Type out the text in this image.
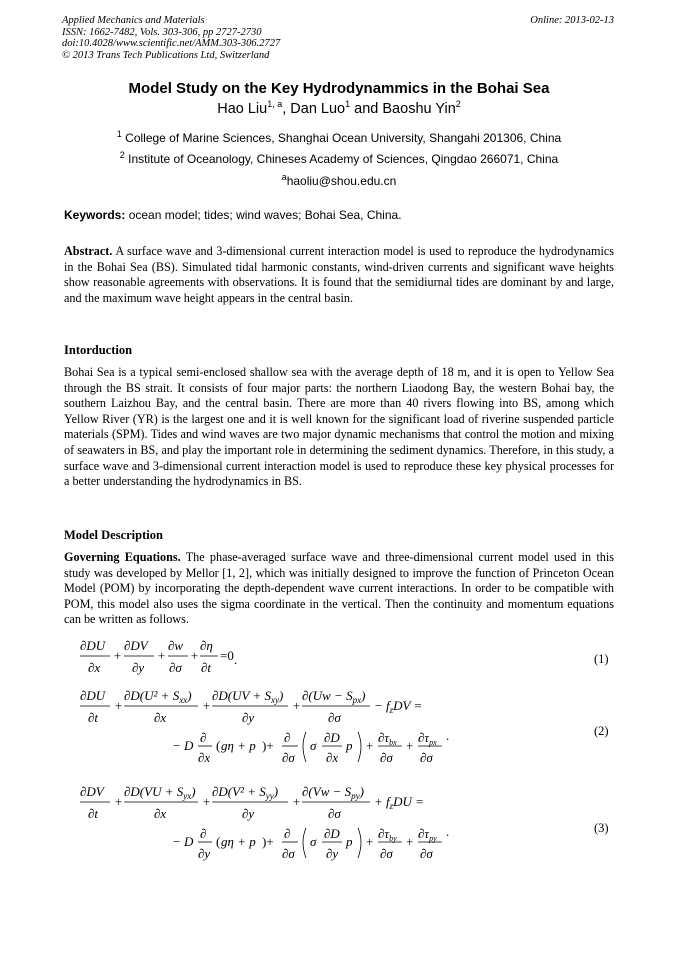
Applied Mechanics and Materials
ISSN: 1662-7482, Vols. 303-306, pp 2727-2730
doi:10.4028/www.scientific.net/AMM.303-306.2727
© 2013 Trans Tech Publications Ltd, Switzerland
Online: 2013-02-13
Model Study on the Key Hydrodynammics in the Bohai Sea
Hao Liu$^{1, a}$, Dan Luo$^1$ and Baoshu Yin$^2$
$^1$ College of Marine Sciences, Shanghai Ocean University, Shangahi 201306, China
$^2$ Institute of Oceanology, Chineses Academy of Sciences, Qingdao 266071, China
$^a$haoliu@shou.edu.cn
Keywords: ocean model; tides; wind waves; Bohai Sea, China.
Abstract. A surface wave and 3-dimensional current interaction model is used to reproduce the hydrodynamics in the Bohai Sea (BS). Simulated tidal harmonic constants, wind-driven currents and significant wave heights show reasonable agreements with observations. It is found that the semidiurnal tides are dominant by and large, and the maximum wave height appears in the central basin.
Intorduction
Bohai Sea is a typical semi-enclosed shallow sea with the average depth of 18 m, and it is open to Yellow Sea through the BS strait. It consists of four major parts: the northern Liaodong Bay, the western Bohai bay, the southern Laizhou Bay, and the central basin. There are more than 40 rivers flowing into BS, among which Yellow River (YR) is the largest one and it is well known for the significant load of riverine suspended particle materials (SPM). Tides and wind waves are two major dynamic mechanisms that control the motion and mixing of seawaters in BS, and play the important role in determining the sediment dynamics. Therefore, in this study, a surface wave and 3-dimensional current interaction model is used to reproduce these key physical processes for a better understanding the hydrodynamics in BS.
Model Description
Governing Equations. The phase-averaged surface wave and three-dimensional current model used in this study was developed by Mellor [1, 2], which was initially designed to improve the function of Princeton Ocean Model (POM) by incorporating the depth-dependent wave current interactions. In order to be compatible with POM, this model also uses the sigma coordinate in the vertical. Then the continuity and momentum equations can be written as follows.
∂DU
∂x
+
∂DV
∂y
+
∂w
∂σ
+
∂η
∂t
=0 .	(1)
∂DU
∂t
+
$\partial D(U^2 + S_{xx})$
∂x
+
$\partial D(UV + S_{xy})$
∂y
+
$\partial(Uw - S_{px})$
∂σ
− $f_zDV$ =
− D
∂
∂x
( gη + p )+
∂
∂σ
σ
∂D
∂x
p +
$\partial\tau_{bx}$
∂σ
+
$\partial\tau_{px}$
∂σ
.	(2)
∂DV
∂t
+
$\partial D(VU + S_{yx})$
∂x
+
$\partial D(V^2 + S_{yy})$
∂y
+
$\partial(Vw - S_{py})$
∂σ
+ $f_zDU$ =
− D
∂
∂y
( gη + p )+
∂
∂σ
σ
∂D
∂y
p +
$\partial\tau_{by}$
∂σ
+
$\partial\tau_{py}$
∂σ
.	(3)
